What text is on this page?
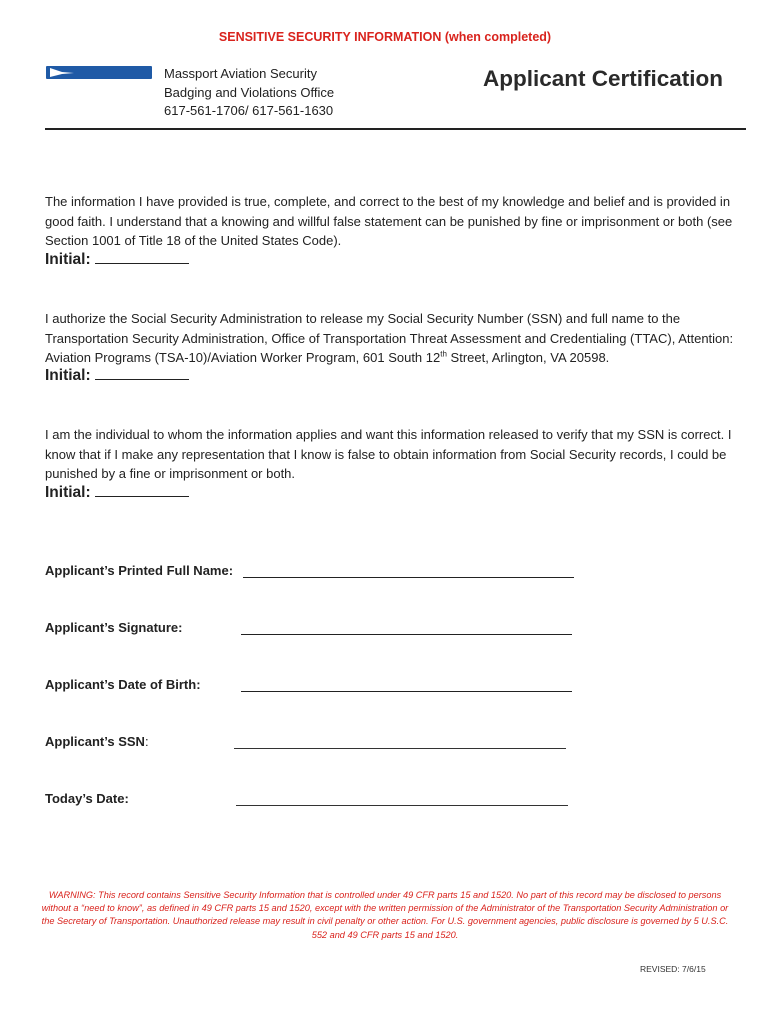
SENSITIVE SECURITY INFORMATION (when completed)
Massport Aviation Security
Badging and Violations Office
617-561-1706/ 617-561-1630
Applicant Certification
The information I have provided is true, complete, and correct to the best of my knowledge and belief and is provided in good faith. I understand that a knowing and willful false statement can be punished by fine or imprisonment or both (see Section 1001 of Title 18 of the United States Code).
Initial:
I authorize the Social Security Administration to release my Social Security Number (SSN) and full name to the Transportation Security Administration, Office of Transportation Threat Assessment and Credentialing (TTAC), Attention: Aviation Programs (TSA-10)/Aviation Worker Program, 601 South 12th Street, Arlington, VA 20598.
Initial:
I am the individual to whom the information applies and want this information released to verify that my SSN is correct. I know that if I make any representation that I know is false to obtain information from Social Security records, I could be punished by a fine or imprisonment or both.
Initial:
Applicant’s Printed Full Name:
Applicant’s Signature:
Applicant’s Date of Birth:
Applicant’s SSN:
Today’s Date:
WARNING: This record contains Sensitive Security Information that is controlled under 49 CFR parts 15 and 1520. No part of this record may be disclosed to persons without a “need to know”, as defined in 49 CFR parts 15 and 1520, except with the written permission of the Administrator of the Transportation Security Administration or the Secretary of Transportation. Unauthorized release may result in civil penalty or other action. For U.S. government agencies, public disclosure is governed by 5 U.S.C. 552 and 49 CFR parts 15 and 1520.
REVISED: 7/6/15
